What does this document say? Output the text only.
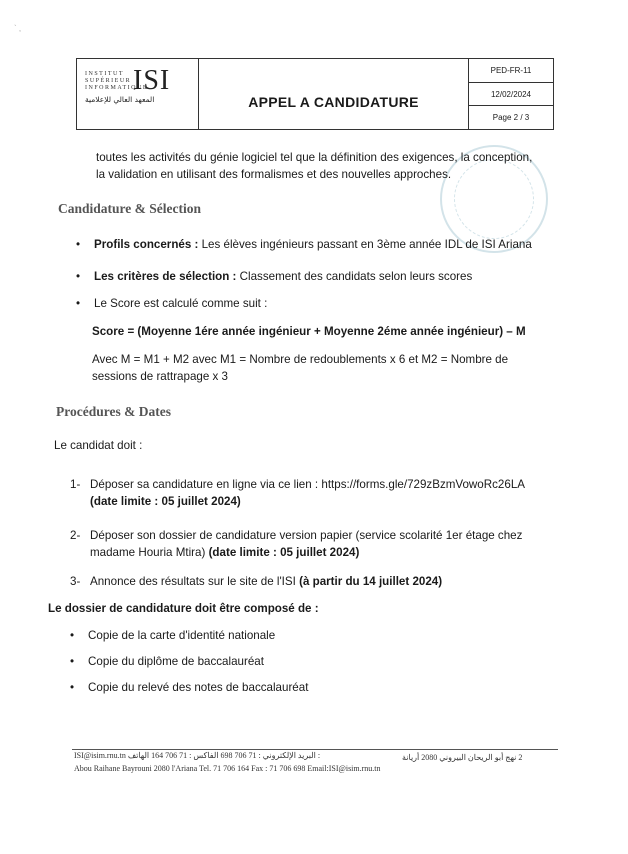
` ,
INSTITUT SUPÉRIEUR INFORMATIQUE
ISI
المعهد العالي للإعلامية	APPEL A CANDIDATURE
PED-FR-11
12/02/2024
Page 2 / 3
toutes les activités du génie logiciel tel que la définition des exigences, la conception,
la validation en utilisant des formalismes et des nouvelles approches.
Candidature & Sélection
• Profils concernés : Les élèves ingénieurs passant en 3ème année IDL de ISI Ariana
• Les critères de sélection : Classement des candidats selon leurs scores
• Le Score est calculé comme suit :
Score = (Moyenne 1ére année ingénieur + Moyenne 2éme année ingénieur) – M
Avec M = M1 + M2 avec M1 = Nombre de redoublements x 6 et M2 = Nombre de
sessions de rattrapage x 3
Procédures & Dates
Le candidat doit :
1- Déposer sa candidature en ligne via ce lien : https://forms.gle/729zBzmVowoRc26LA
(date limite : 05 juillet 2024)
2- Déposer son dossier de candidature version papier (service scolarité 1er étage chez
madame Houria Mtira) (date limite : 05 juillet 2024)
3- Annonce des résultats sur le site de l'ISI (à partir du 14 juillet 2024)
Le dossier de candidature doit être composé de :
• Copie de la carte d'identité nationale
• Copie du diplôme de baccalauréat
• Copie du relevé des notes de baccalauréat
ISI@isim.rnu.tn البريد الإلكتروني : 71 706 698 الفاكس : 71 706 164 الهاتف :	2 نهج أبو الريحان البيروني 2080 أريانة
Abou Raihane Bayrouni 2080 l'Ariana Tel. 71 706 164 Fax : 71 706 698 Email:ISI@isim.rnu.tn
